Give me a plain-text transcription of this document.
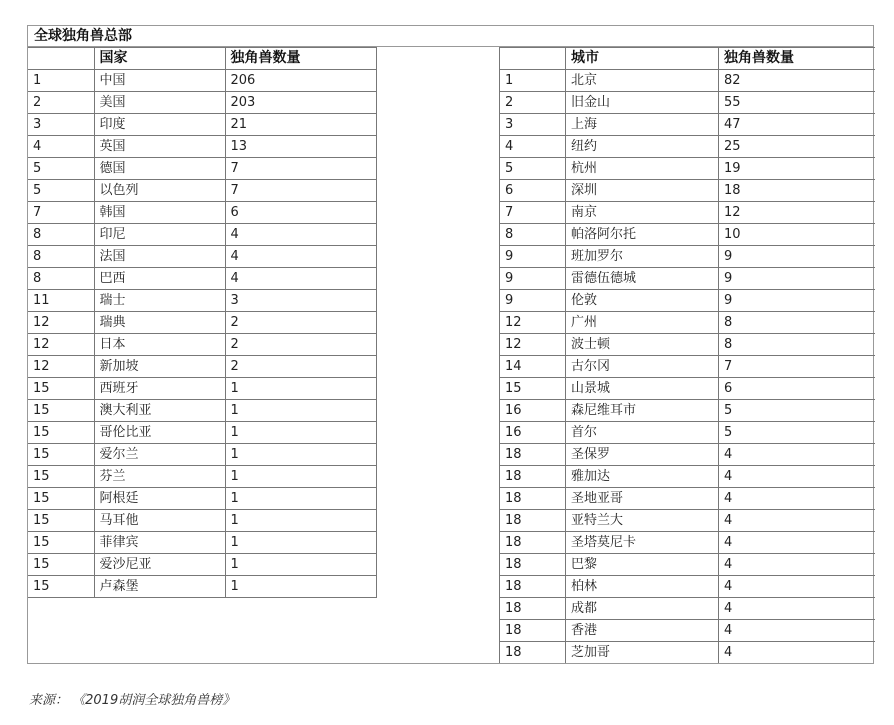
全球独角兽总部
	国家	独角兽数量
1	中国	206
2	美国	203
3	印度	21
4	英国	13
5	德国	7
5	以色列	7
7	韩国	6
8	印尼	4
8	法国	4
8	巴西	4
11	瑞士	3
12	瑞典	2
12	日本	2
12	新加坡	2
15	西班牙	1
15	澳大利亚	1
15	哥伦比亚	1
15	爱尔兰	1
15	芬兰	1
15	阿根廷	1
15	马耳他	1
15	菲律宾	1
15	爱沙尼亚	1
15	卢森堡	1
	城市	独角兽数量
1	北京	82
2	旧金山	55
3	上海	47
4	纽约	25
5	杭州	19
6	深圳	18
7	南京	12
8	帕洛阿尔托	10
9	班加罗尔	9
9	雷德伍德城	9
9	伦敦	9
12	广州	8
12	波士顿	8
14	古尔冈	7
15	山景城	6
16	森尼维耳市	5
16	首尔	5
18	圣保罗	4
18	雅加达	4
18	圣地亚哥	4
18	亚特兰大	4
18	圣塔莫尼卡	4
18	巴黎	4
18	柏林	4
18	成都	4
18	香港	4
18	芝加哥	4
来源： 《2019胡润全球独角兽榜》
